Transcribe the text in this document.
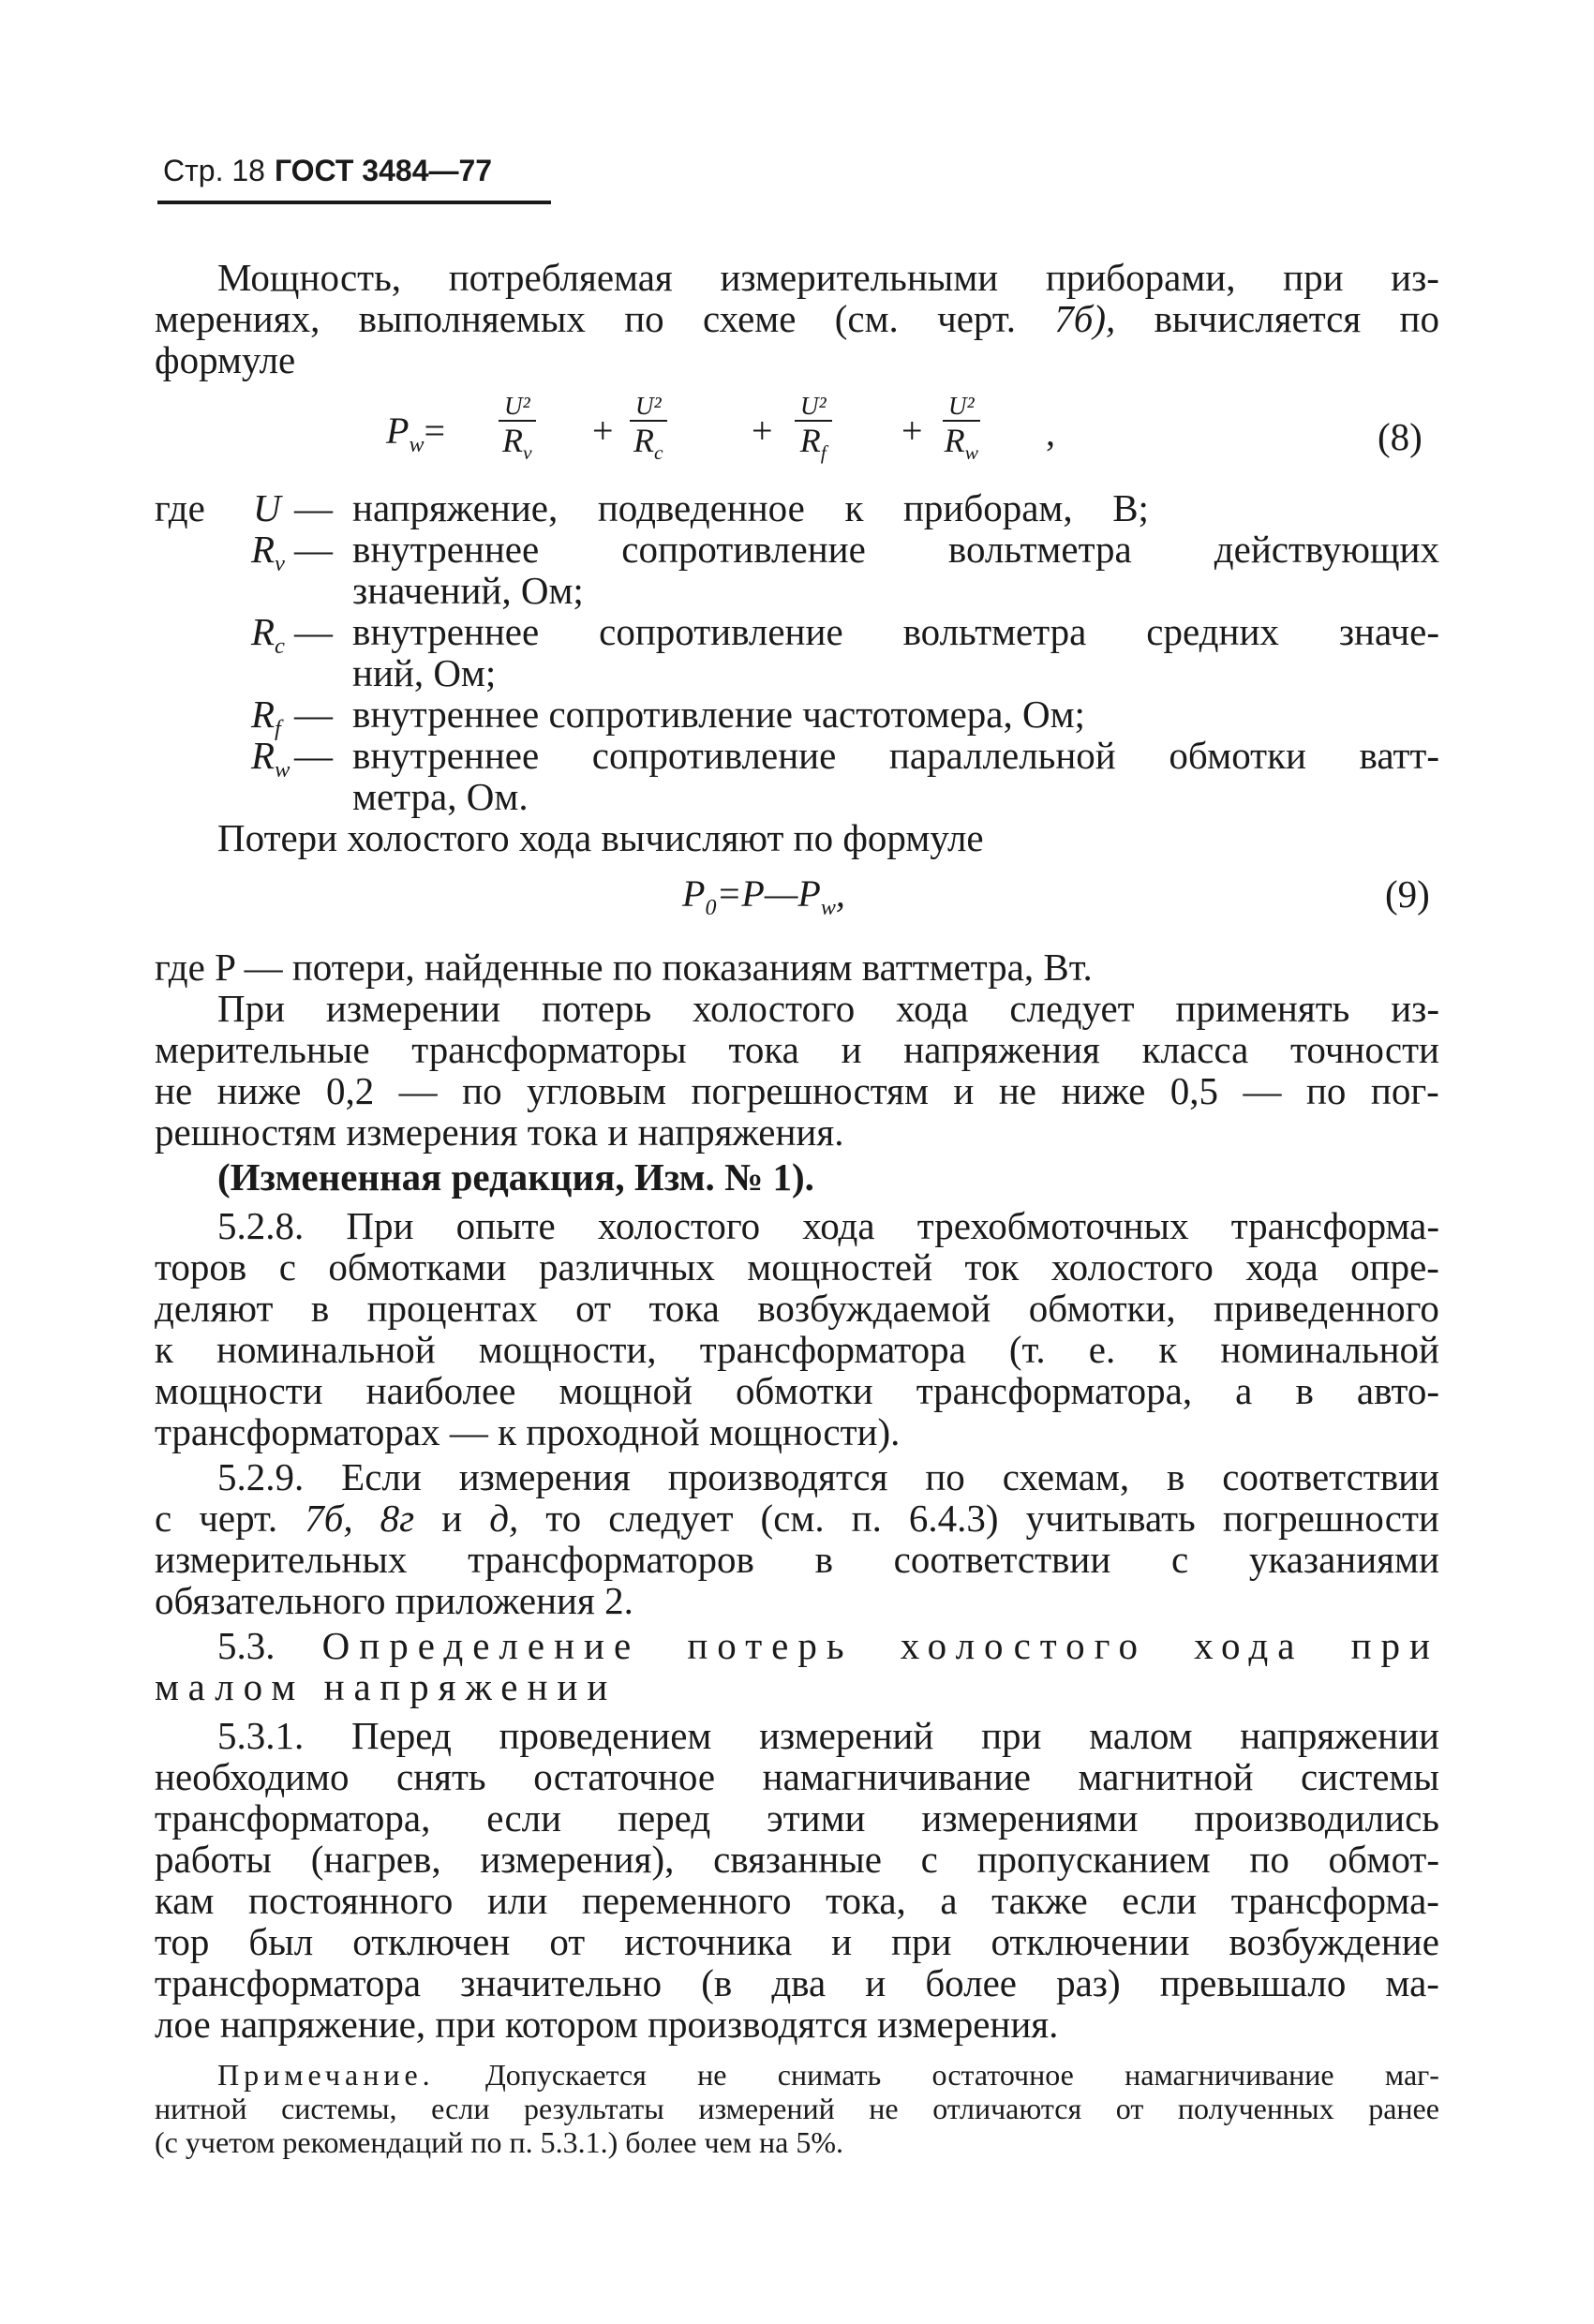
Стр. 18 ГОСТ 3484—77
Мощность, потребляемая измерительными приборами, при из-
мерениях, выполняемых по схеме (см. черт. 7б), вычисляется по
формуле
$P_w=$
U²
$R_v$
+
U²
$R_c$
+
U²
$R_f$
+
U²
$R_w$ ,	(8)
где U — напряжение, подведенное к приборам, В;
$R_v$ — внутреннее сопротивление вольтметра действующих
значений, Ом;
$R_c$ — внутреннее сопротивление вольтметра средних значе-
ний, Ом;
$R_f$ — внутреннее сопротивление частотомера, Ом;
$R_w$ — внутреннее сопротивление параллельной обмотки ватт-
метра, Ом.
Потери холостого хода вычисляют по формуле
$P_0=P—P_w$,	(9)
где P — потери, найденные по показаниям ваттметра, Вт.
При измерении потерь холостого хода следует применять из-
мерительные трансформаторы тока и напряжения класса точности
не ниже 0,2 — по угловым погрешностям и не ниже 0,5 — по пог-
решностям измерения тока и напряжения.
(Измененная редакция, Изм. № 1).
5.2.8. При опыте холостого хода трехобмоточных трансформа-
торов с обмотками различных мощностей ток холостого хода опре-
деляют в процентах от тока возбуждаемой обмотки, приведенного
к номинальной мощности, трансформатора (т. е. к номинальной
мощности наиболее мощной обмотки трансформатора, а в авто-
трансформаторах — к проходной мощности).
5.2.9. Если измерения производятся по схемам, в соответствии
с черт. 7б, 8г и д, то следует (см. п. 6.4.3) учитывать погрешности
измерительных трансформаторов в соответствии с указаниями
обязательного приложения 2.
5.3. Определение потерь холостого хода при
малом напряжении
5.3.1. Перед проведением измерений при малом напряжении
необходимо снять остаточное намагничивание магнитной системы
трансформатора, если перед этими измерениями производились
работы (нагрев, измерения), связанные с пропусканием по обмот-
кам постоянного или переменного тока, а также если трансформа-
тор был отключен от источника и при отключении возбуждение
трансформатора значительно (в два и более раз) превышало ма-
лое напряжение, при котором производятся измерения.
Примечание. Допускается не снимать остаточное намагничивание маг-
нитной системы, если результаты измерений не отличаются от полученных ранее
(с учетом рекомендаций по п. 5.3.1.) более чем на 5%.
